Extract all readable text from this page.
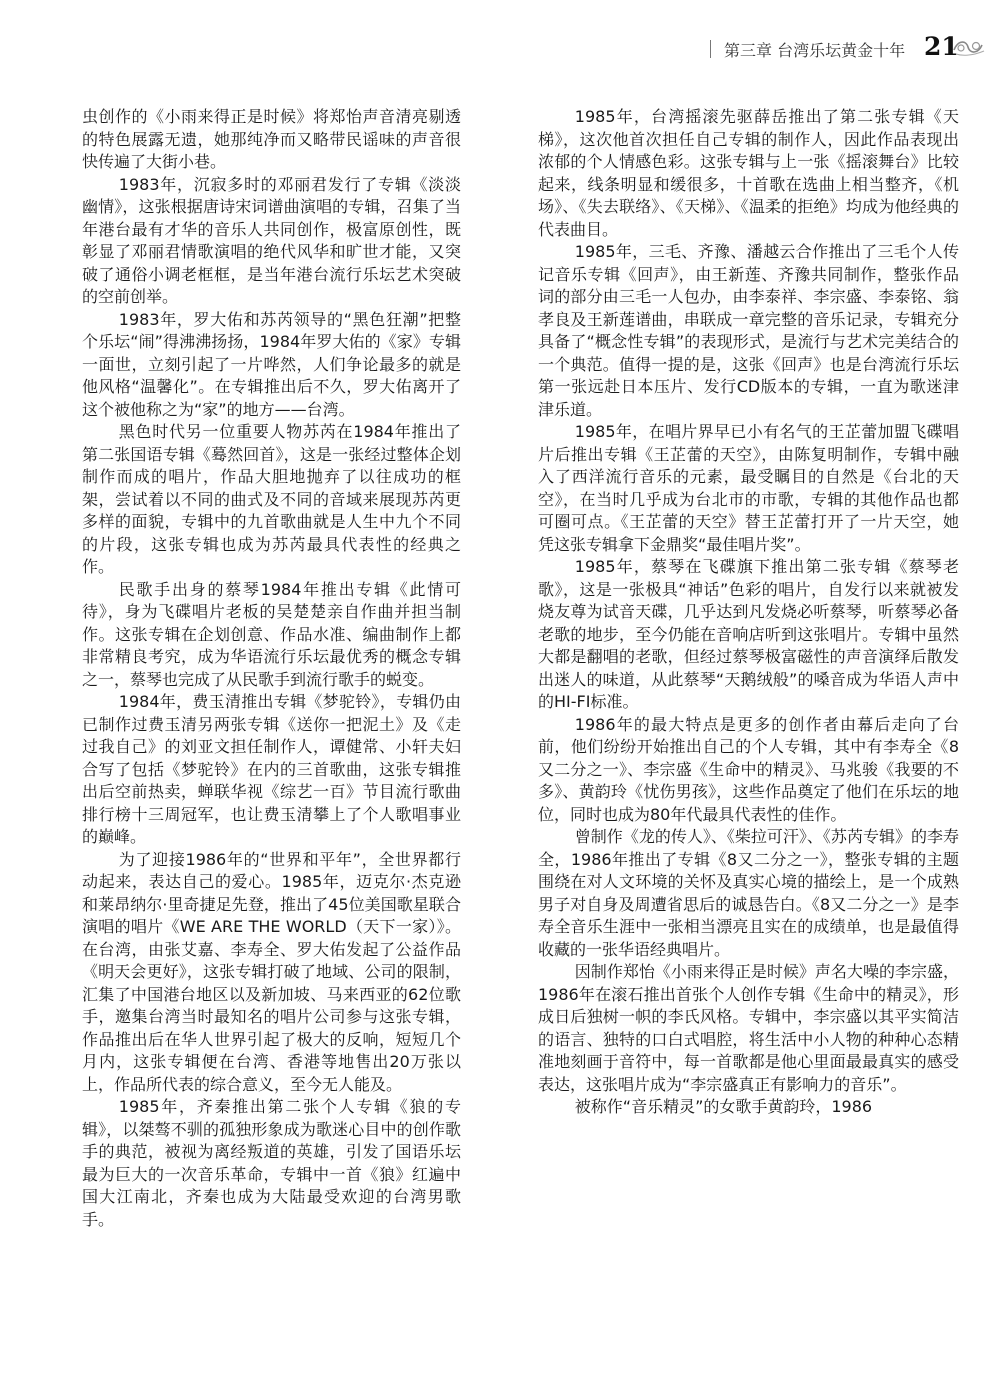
第三章 台湾乐坛黄金十年 21

虫创作的《小雨来得正是时候》将郑怡声音清亮剔透的特色展露无遗，她那纯净而又略带民谣味的声音很快传遍了大街小巷。

1983年，沉寂多时的邓丽君发行了专辑《淡淡幽情》，这张根据唐诗宋词谱曲演唱的专辑，召集了当年港台最有才华的音乐人共同创作，极富原创性，既彰显了邓丽君情歌演唱的绝代风华和旷世才能，又突破了通俗小调老框框，是当年港台流行乐坛艺术突破的空前创举。

1983年，罗大佑和苏芮领导的“黑色狂潮”把整个乐坛“闹”得沸沸扬扬，1984年罗大佑的《家》专辑一面世，立刻引起了一片哗然，人们争论最多的就是他风格“温馨化”。在专辑推出后不久，罗大佑离开了这个被他称之为“家”的地方——台湾。

黑色时代另一位重要人物苏芮在1984年推出了第二张国语专辑《蓦然回首》，这是一张经过整体企划制作而成的唱片，作品大胆地抛弃了以往成功的框架，尝试着以不同的曲式及不同的音域来展现苏芮更多样的面貌，专辑中的九首歌曲就是人生中九个不同的片段，这张专辑也成为苏芮最具代表性的经典之作。

民歌手出身的蔡琴1984年推出专辑《此情可待》，身为飞碟唱片老板的吴楚楚亲自作曲并担当制作。这张专辑在企划创意、作品水准、编曲制作上都非常精良考究，成为华语流行乐坛最优秀的概念专辑之一，蔡琴也完成了从民歌手到流行歌手的蜕变。

1984年，费玉清推出专辑《梦驼铃》，专辑仍由已制作过费玉清另两张专辑《送你一把泥土》及《走过我自己》的刘亚文担任制作人，谭健常、小轩夫妇合写了包括《梦驼铃》在内的三首歌曲，这张专辑推出后空前热卖，蝉联华视《综艺一百》节目流行歌曲排行榜十三周冠军，也让费玉清攀上了个人歌唱事业的巅峰。

为了迎接1986年的“世界和平年”，全世界都行动起来，表达自己的爱心。1985年，迈克尔·杰克逊和莱昂纳尔·里奇捷足先登，推出了45位美国歌星联合演唱的唱片《WE ARE THE WORLD（天下一家）》。在台湾，由张艾嘉、李寿全、罗大佑发起了公益作品《明天会更好》，这张专辑打破了地域、公司的限制，汇集了中国港台地区以及新加坡、马来西亚的62位歌手，邀集台湾当时最知名的唱片公司参与这张专辑，作品推出后在华人世界引起了极大的反响，短短几个月内，这张专辑便在台湾、香港等地售出20万张以上，作品所代表的综合意义，至今无人能及。

1985年，齐秦推出第二张个人专辑《狼的专辑》，以桀骜不驯的孤独形象成为歌迷心目中的创作歌手的典范，被视为离经叛道的英雄，引发了国语乐坛最为巨大的一次音乐革命，专辑中一首《狼》红遍中国大江南北，齐秦也成为大陆最受欢迎的台湾男歌手。

1985年，台湾摇滚先驱薛岳推出了第二张专辑《天梯》，这次他首次担任自己专辑的制作人，因此作品表现出浓郁的个人情感色彩。这张专辑与上一张《摇滚舞台》比较起来，线条明显和缓很多，十首歌在选曲上相当整齐，《机场》、《失去联络》、《天梯》、《温柔的拒绝》均成为他经典的代表曲目。

1985年，三毛、齐豫、潘越云合作推出了三毛个人传记音乐专辑《回声》，由王新莲、齐豫共同制作，整张作品词的部分由三毛一人包办，由李泰祥、李宗盛、李泰铭、翁孝良及王新莲谱曲，串联成一章完整的音乐记录，专辑充分具备了“概念性专辑”的表现形式，是流行与艺术完美结合的一个典范。值得一提的是，这张《回声》也是台湾流行乐坛第一张远赴日本压片、发行CD版本的专辑，一直为歌迷津津乐道。

1985年，在唱片界早已小有名气的王芷蕾加盟飞碟唱片后推出专辑《王芷蕾的天空》，由陈复明制作，专辑中融入了西洋流行音乐的元素，最受瞩目的自然是《台北的天空》，在当时几乎成为台北市的市歌，专辑的其他作品也都可圈可点。《王芷蕾的天空》替王芷蕾打开了一片天空，她凭这张专辑拿下金鼎奖“最佳唱片奖”。

1985年，蔡琴在飞碟旗下推出第二张专辑《蔡琴老歌》，这是一张极具“神话”色彩的唱片，自发行以来就被发烧友尊为试音天碟，几乎达到凡发烧必听蔡琴，听蔡琴必备老歌的地步，至今仍能在音响店听到这张唱片。专辑中虽然大都是翻唱的老歌，但经过蔡琴极富磁性的声音演绎后散发出迷人的味道，从此蔡琴“天鹅绒般”的嗓音成为华语人声中的HI-FI标准。

1986年的最大特点是更多的创作者由幕后走向了台前，他们纷纷开始推出自己的个人专辑，其中有李寿全《8又二分之一》、李宗盛《生命中的精灵》、马兆骏《我要的不多》、黄韵玲《忧伤男孩》，这些作品奠定了他们在乐坛的地位，同时也成为80年代最具代表性的佳作。

曾制作《龙的传人》、《柴拉可汗》、《苏芮专辑》的李寿全，1986年推出了专辑《8又二分之一》，整张专辑的主题围绕在对人文环境的关怀及真实心境的描绘上，是一个成熟男子对自身及周遭省思后的诚恳告白。《8又二分之一》是李寿全音乐生涯中一张相当漂亮且实在的成绩单，也是最值得收藏的一张华语经典唱片。

因制作郑怡《小雨来得正是时候》声名大噪的李宗盛，1986年在滚石推出首张个人创作专辑《生命中的精灵》，形成日后独树一帜的李氏风格。专辑中，李宗盛以其平实简洁的语言、独特的口白式唱腔，将生活中小人物的种种心态精准地刻画于音符中，每一首歌都是他心里面最最真实的感受表达，这张唱片成为“李宗盛真正有影响力的音乐”。

被称作“音乐精灵”的女歌手黄韵玲，1986
